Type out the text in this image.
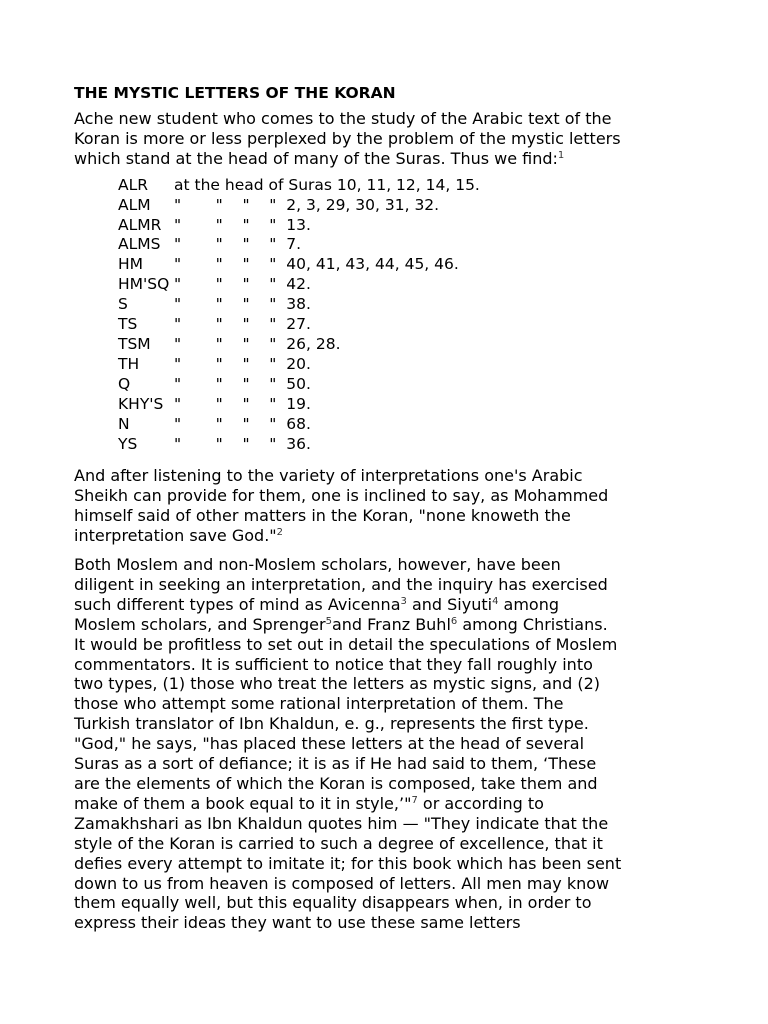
THE MYSTIC LETTERS OF THE KORAN

Ache new student who comes to the study of the Arabic text of the
Koran is more or less perplexed by the problem of the mystic letters
which stand at the head of many of the Suras. Thus we find:$^1$

ALR	at the head of Suras 10, 11, 12, 14, 15.
ALM	"       "    "    "  2, 3, 29, 30, 31, 32.
ALMR "       "    "    "  13.
ALMS "       "    "    "  7.
HM	"       "    "    "  40, 41, 43, 44, 45, 46.
HM'SQ "       "    "    "  42.
S	"       "    "    "  38.
TS	"       "    "    "  27.
TSM	"       "    "    "  26, 28.
TH	"       "    "    "  20.
Q	"       "    "    "  50.
KHY'S "       "    "    "  19.
N	"       "    "    "  68.
YS	"       "    "    "  36.

And after listening to the variety of interpretations one's Arabic
Sheikh can provide for them, one is inclined to say, as Mohammed
himself said of other matters in the Koran, "none knoweth the
interpretation save God."$^2$

Both Moslem and non-Moslem scholars, however, have been
diligent in seeking an interpretation, and the inquiry has exercised
such different types of mind as Avicenna$^3$ and Siyuti$^4$ among
Moslem scholars, and Sprenger$^5$and Franz Buhl$^6$ among Christians.
It would be profitless to set out in detail the speculations of Moslem
commentators. It is sufficient to notice that they fall roughly into
two types, (1) those who treat the letters as mystic signs, and (2)
those who attempt some rational interpretation of them. The
Turkish translator of Ibn Khaldun, e. g., represents the first type.
"God," he says, "has placed these letters at the head of several
Suras as a sort of defiance; it is as if He had said to them, ‘These
are the elements of which the Koran is composed, take them and
make of them a book equal to it in style,’"$^7$ or according to
Zamakhshari as Ibn Khaldun quotes him — "They indicate that the
style of the Koran is carried to such a degree of excellence, that it
defies every attempt to imitate it; for this book which has been sent
down to us from heaven is composed of letters. All men may know
them equally well, but this equality disappears when, in order to
express their ideas they want to use these same letters
